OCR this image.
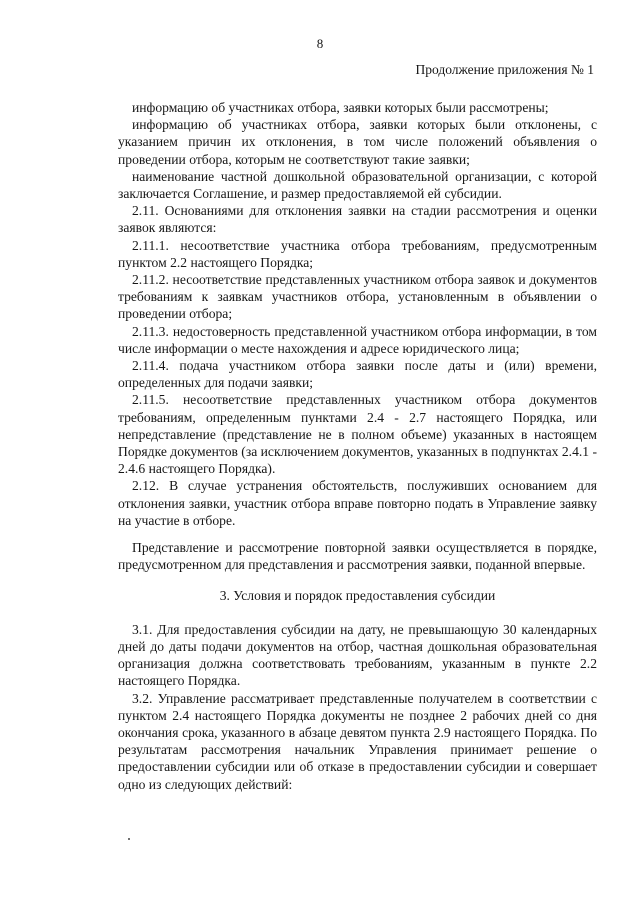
8
Продолжение приложения № 1

информацию об участниках отбора, заявки которых были рассмотрены;

информацию об участниках отбора, заявки которых были отклонены, с указанием причин их отклонения, в том числе положений объявления о проведении отбора, которым не соответствуют такие заявки;

наименование частной дошкольной образовательной организации, с которой заключается Соглашение, и размер предоставляемой ей субсидии.

2.11. Основаниями для отклонения заявки на стадии рассмотрения и оценки заявок являются:

2.11.1. несоответствие участника отбора требованиям, предусмотренным пунктом 2.2 настоящего Порядка;

2.11.2. несоответствие представленных участником отбора заявок и документов требованиям к заявкам участников отбора, установленным в объявлении о проведении отбора;

2.11.3. недостоверность представленной участником отбора информации, в том числе информации о месте нахождения и адресе юридического лица;

2.11.4. подача участником отбора заявки после даты и (или) времени, определенных для подачи заявки;

2.11.5. несоответствие представленных участником отбора документов требованиям, определенным пунктами 2.4 - 2.7 настоящего Порядка, или непредставление (представление не в полном объеме) указанных в настоящем Порядке документов (за исключением документов, указанных в подпунктах 2.4.1 - 2.4.6 настоящего Порядка).

2.12. В случае устранения обстоятельств, послуживших основанием для отклонения заявки, участник отбора вправе повторно подать в Управление заявку на участие в отборе.

Представление и рассмотрение повторной заявки осуществляется в порядке, предусмотренном для представления и рассмотрения заявки, поданной впервые.

3. Условия и порядок предоставления субсидии

3.1. Для предоставления субсидии на дату, не превышающую 30 календарных дней до даты подачи документов на отбор, частная дошкольная образовательная организация должна соответствовать требованиям, указанным в пункте 2.2 настоящего Порядка.

3.2. Управление рассматривает представленные получателем в соответствии с пунктом 2.4 настоящего Порядка документы не позднее 2 рабочих дней со дня окончания срока, указанного в абзаце девятом пункта 2.9 настоящего Порядка. По результатам рассмотрения начальник Управления принимает решение о предоставлении субсидии или об отказе в предоставлении субсидии и совершает одно из следующих действий:
